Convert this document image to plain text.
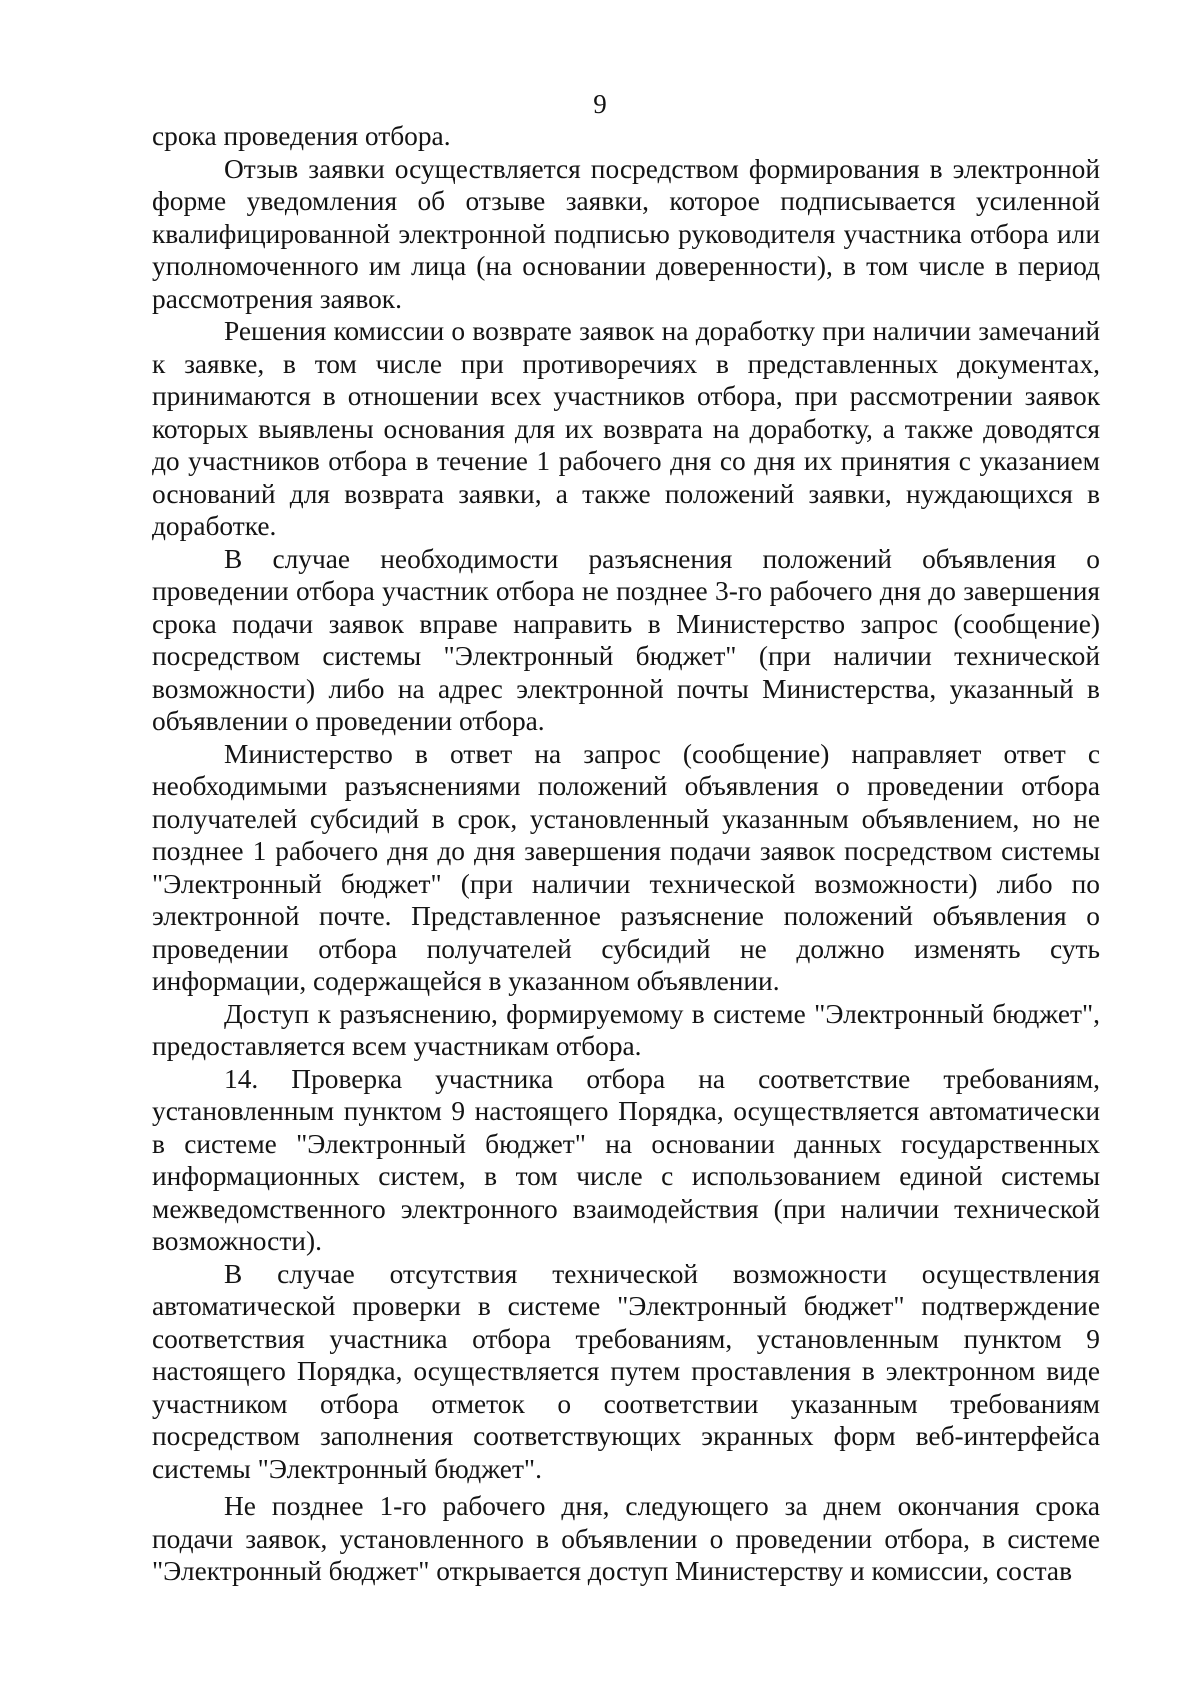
9

срока проведения отбора.

Отзыв заявки осуществляется посредством формирования в электронной форме уведомления об отзыве заявки, которое подписывается усиленной квалифицированной электронной подписью руководителя участника отбора или уполномоченного им лица (на основании доверенности), в том числе в период рассмотрения заявок.

Решения комиссии о возврате заявок на доработку при наличии замечаний к заявке, в том числе при противоречиях в представленных документах, принимаются в отношении всех участников отбора, при рассмотрении заявок которых выявлены основания для их возврата на доработку, а также доводятся до участников отбора в течение 1 рабочего дня со дня их принятия с указанием оснований для возврата заявки, а также положений заявки, нуждающихся в доработке.

В случае необходимости разъяснения положений объявления о проведении отбора участник отбора не позднее 3-го рабочего дня до завершения срока подачи заявок вправе направить в Министерство запрос (сообщение) посредством системы "Электронный бюджет" (при наличии технической возможности) либо на адрес электронной почты Министерства, указанный в объявлении о проведении отбора.

Министерство в ответ на запрос (сообщение) направляет ответ с необходимыми разъяснениями положений объявления о проведении отбора получателей субсидий в срок, установленный указанным объявлением, но не позднее 1 рабочего дня до дня завершения подачи заявок посредством системы "Электронный бюджет" (при наличии технической возможности) либо по электронной почте. Представленное разъяснение положений объявления о проведении отбора получателей субсидий не должно изменять суть информации, содержащейся в указанном объявлении.

Доступ к разъяснению, формируемому в системе "Электронный бюджет", предоставляется всем участникам отбора.

14. Проверка участника отбора на соответствие требованиям, установленным пунктом 9 настоящего Порядка, осуществляется автоматически в системе "Электронный бюджет" на основании данных государственных информационных систем, в том числе с использованием единой системы межведомственного электронного взаимодействия (при наличии технической возможности).

В случае отсутствия технической возможности осуществления автоматической проверки в системе "Электронный бюджет" подтверждение соответствия участника отбора требованиям, установленным пунктом 9 настоящего Порядка, осуществляется путем проставления в электронном виде участником отбора отметок о соответствии указанным требованиям посредством заполнения соответствующих экранных форм веб-интерфейса системы "Электронный бюджет".

Не позднее 1-го рабочего дня, следующего за днем окончания срока подачи заявок, установленного в объявлении о проведении отбора, в системе "Электронный бюджет" открывается доступ Министерству и комиссии, состав
